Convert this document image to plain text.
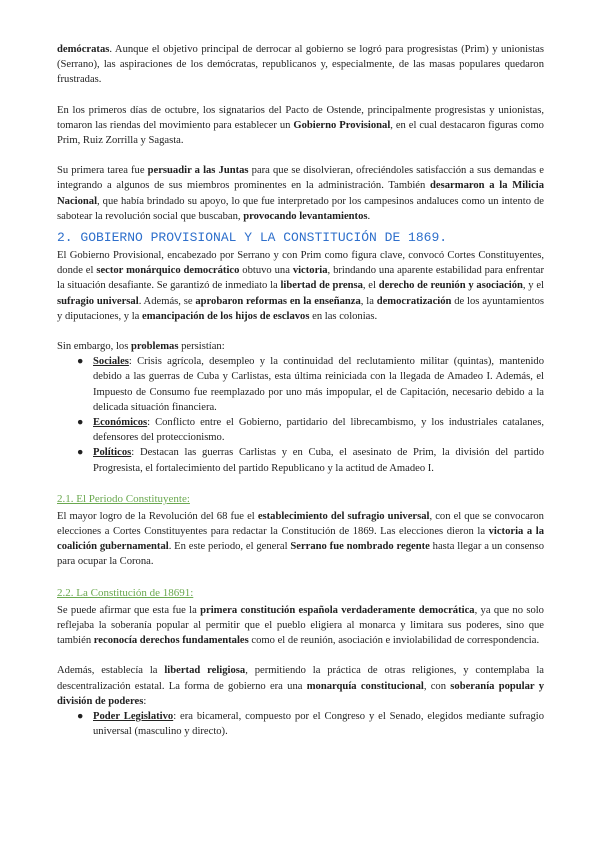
demócratas. Aunque el objetivo principal de derrocar al gobierno se logró para progresistas (Prim) y unionistas (Serrano), las aspiraciones de los demócratas, republicanos y, especialmente, de las masas populares quedaron frustradas.

En los primeros días de octubre, los signatarios del Pacto de Ostende, principalmente progresistas y unionistas, tomaron las riendas del movimiento para establecer un Gobierno Provisional, en el cual destacaron figuras como Prim, Ruiz Zorrilla y Sagasta.

Su primera tarea fue persuadir a las Juntas para que se disolvieran, ofreciéndoles satisfacción a sus demandas e integrando a algunos de sus miembros prominentes en la administración. También desarmaron a la Milicia Nacional, que había brindado su apoyo, lo que fue interpretado por los campesinos andaluces como un intento de sabotear la revolución social que buscaban, provocando levantamientos.

2. GOBIERNO PROVISIONAL Y LA CONSTITUCIÓN DE 1869.

El Gobierno Provisional, encabezado por Serrano y con Prim como figura clave, convocó Cortes Constituyentes, donde el sector monárquico democrático obtuvo una victoria, brindando una aparente estabilidad para enfrentar la situación desafiante. Se garantizó de inmediato la libertad de prensa, el derecho de reunión y asociación, y el sufragio universal. Además, se aprobaron reformas en la enseñanza, la democratización de los ayuntamientos y diputaciones, y la emancipación de los hijos de esclavos en las colonias.

Sin embargo, los problemas persistían:

● Sociales: Crisis agrícola, desempleo y la continuidad del reclutamiento militar (quintas), mantenido debido a las guerras de Cuba y Carlistas, esta última reiniciada con la llegada de Amadeo I. Además, el Impuesto de Consumo fue reemplazado por uno más impopular, el de Capitación, necesario debido a la delicada situación financiera.
● Económicos: Conflicto entre el Gobierno, partidario del librecambismo, y los industriales catalanes, defensores del proteccionismo.
● Políticos: Destacan las guerras Carlistas y en Cuba, el asesinato de Prim, la división del partido Progresista, el fortalecimiento del partido Republicano y la actitud de Amadeo I.
2.1. El Periodo Constituyente:

El mayor logro de la Revolución del 68 fue el establecimiento del sufragio universal, con el que se convocaron elecciones a Cortes Constituyentes para redactar la Constitución de 1869. Las elecciones dieron la victoria a la coalición gubernamental. En este periodo, el general Serrano fue nombrado regente hasta llegar a un consenso para ocupar la Corona.

2.2. La Constitución de 18691:

Se puede afirmar que esta fue la primera constitución española verdaderamente democrática, ya que no solo reflejaba la soberanía popular al permitir que el pueblo eligiera al monarca y limitara sus poderes, sino que también reconocía derechos fundamentales como el de reunión, asociación e inviolabilidad de correspondencia.

Además, establecía la libertad religiosa, permitiendo la práctica de otras religiones, y contemplaba la descentralización estatal. La forma de gobierno era una monarquía constitucional, con soberanía popular y división de poderes:

● Poder Legislativo: era bicameral, compuesto por el Congreso y el Senado, elegidos mediante sufragio universal (masculino y directo).
